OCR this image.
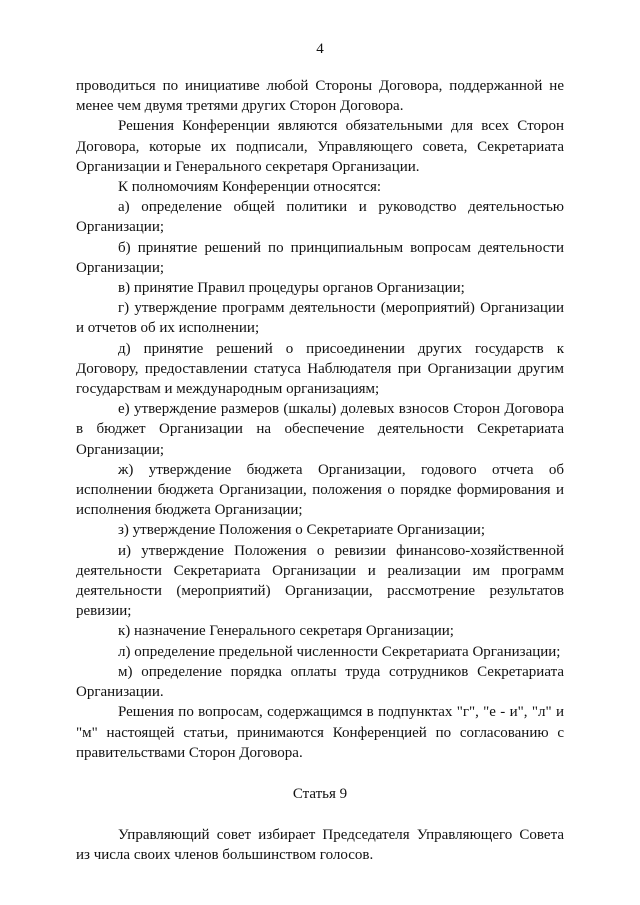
4

проводиться по инициативе любой Стороны Договора, поддержанной не менее чем двумя третями других Сторон Договора.

Решения Конференции являются обязательными для всех Сторон Договора, которые их подписали, Управляющего совета, Секретариата Организации и Генерального секретаря Организации.

К полномочиям Конференции относятся:

а) определение общей политики и руководство деятельностью Организации;

б) принятие решений по принципиальным вопросам деятельности Организации;

в) принятие Правил процедуры органов Организации;

г) утверждение программ деятельности (мероприятий) Организации и отчетов об их исполнении;

д) принятие решений о присоединении других государств к Договору, предоставлении статуса Наблюдателя при Организации другим государствам и международным организациям;

е) утверждение размеров (шкалы) долевых взносов Сторон Договора в бюджет Организации на обеспечение деятельности Секретариата Организации;

ж) утверждение бюджета Организации, годового отчета об исполнении бюджета Организации, положения о порядке формирования и исполнения бюджета Организации;

з) утверждение Положения о Секретариате Организации;

и) утверждение Положения о ревизии финансово-хозяйственной деятельности Секретариата Организации и реализации им программ деятельности (мероприятий) Организации, рассмотрение результатов ревизии;

к) назначение Генерального секретаря Организации;

л) определение предельной численности Секретариата Организации;

м) определение порядка оплаты труда сотрудников Секретариата Организации.

Решения по вопросам, содержащимся в подпунктах "г", "е - и", "л" и "м" настоящей статьи, принимаются Конференцией по согласованию с правительствами Сторон Договора.

Статья 9

Управляющий совет избирает Председателя Управляющего Совета из числа своих членов большинством голосов.
